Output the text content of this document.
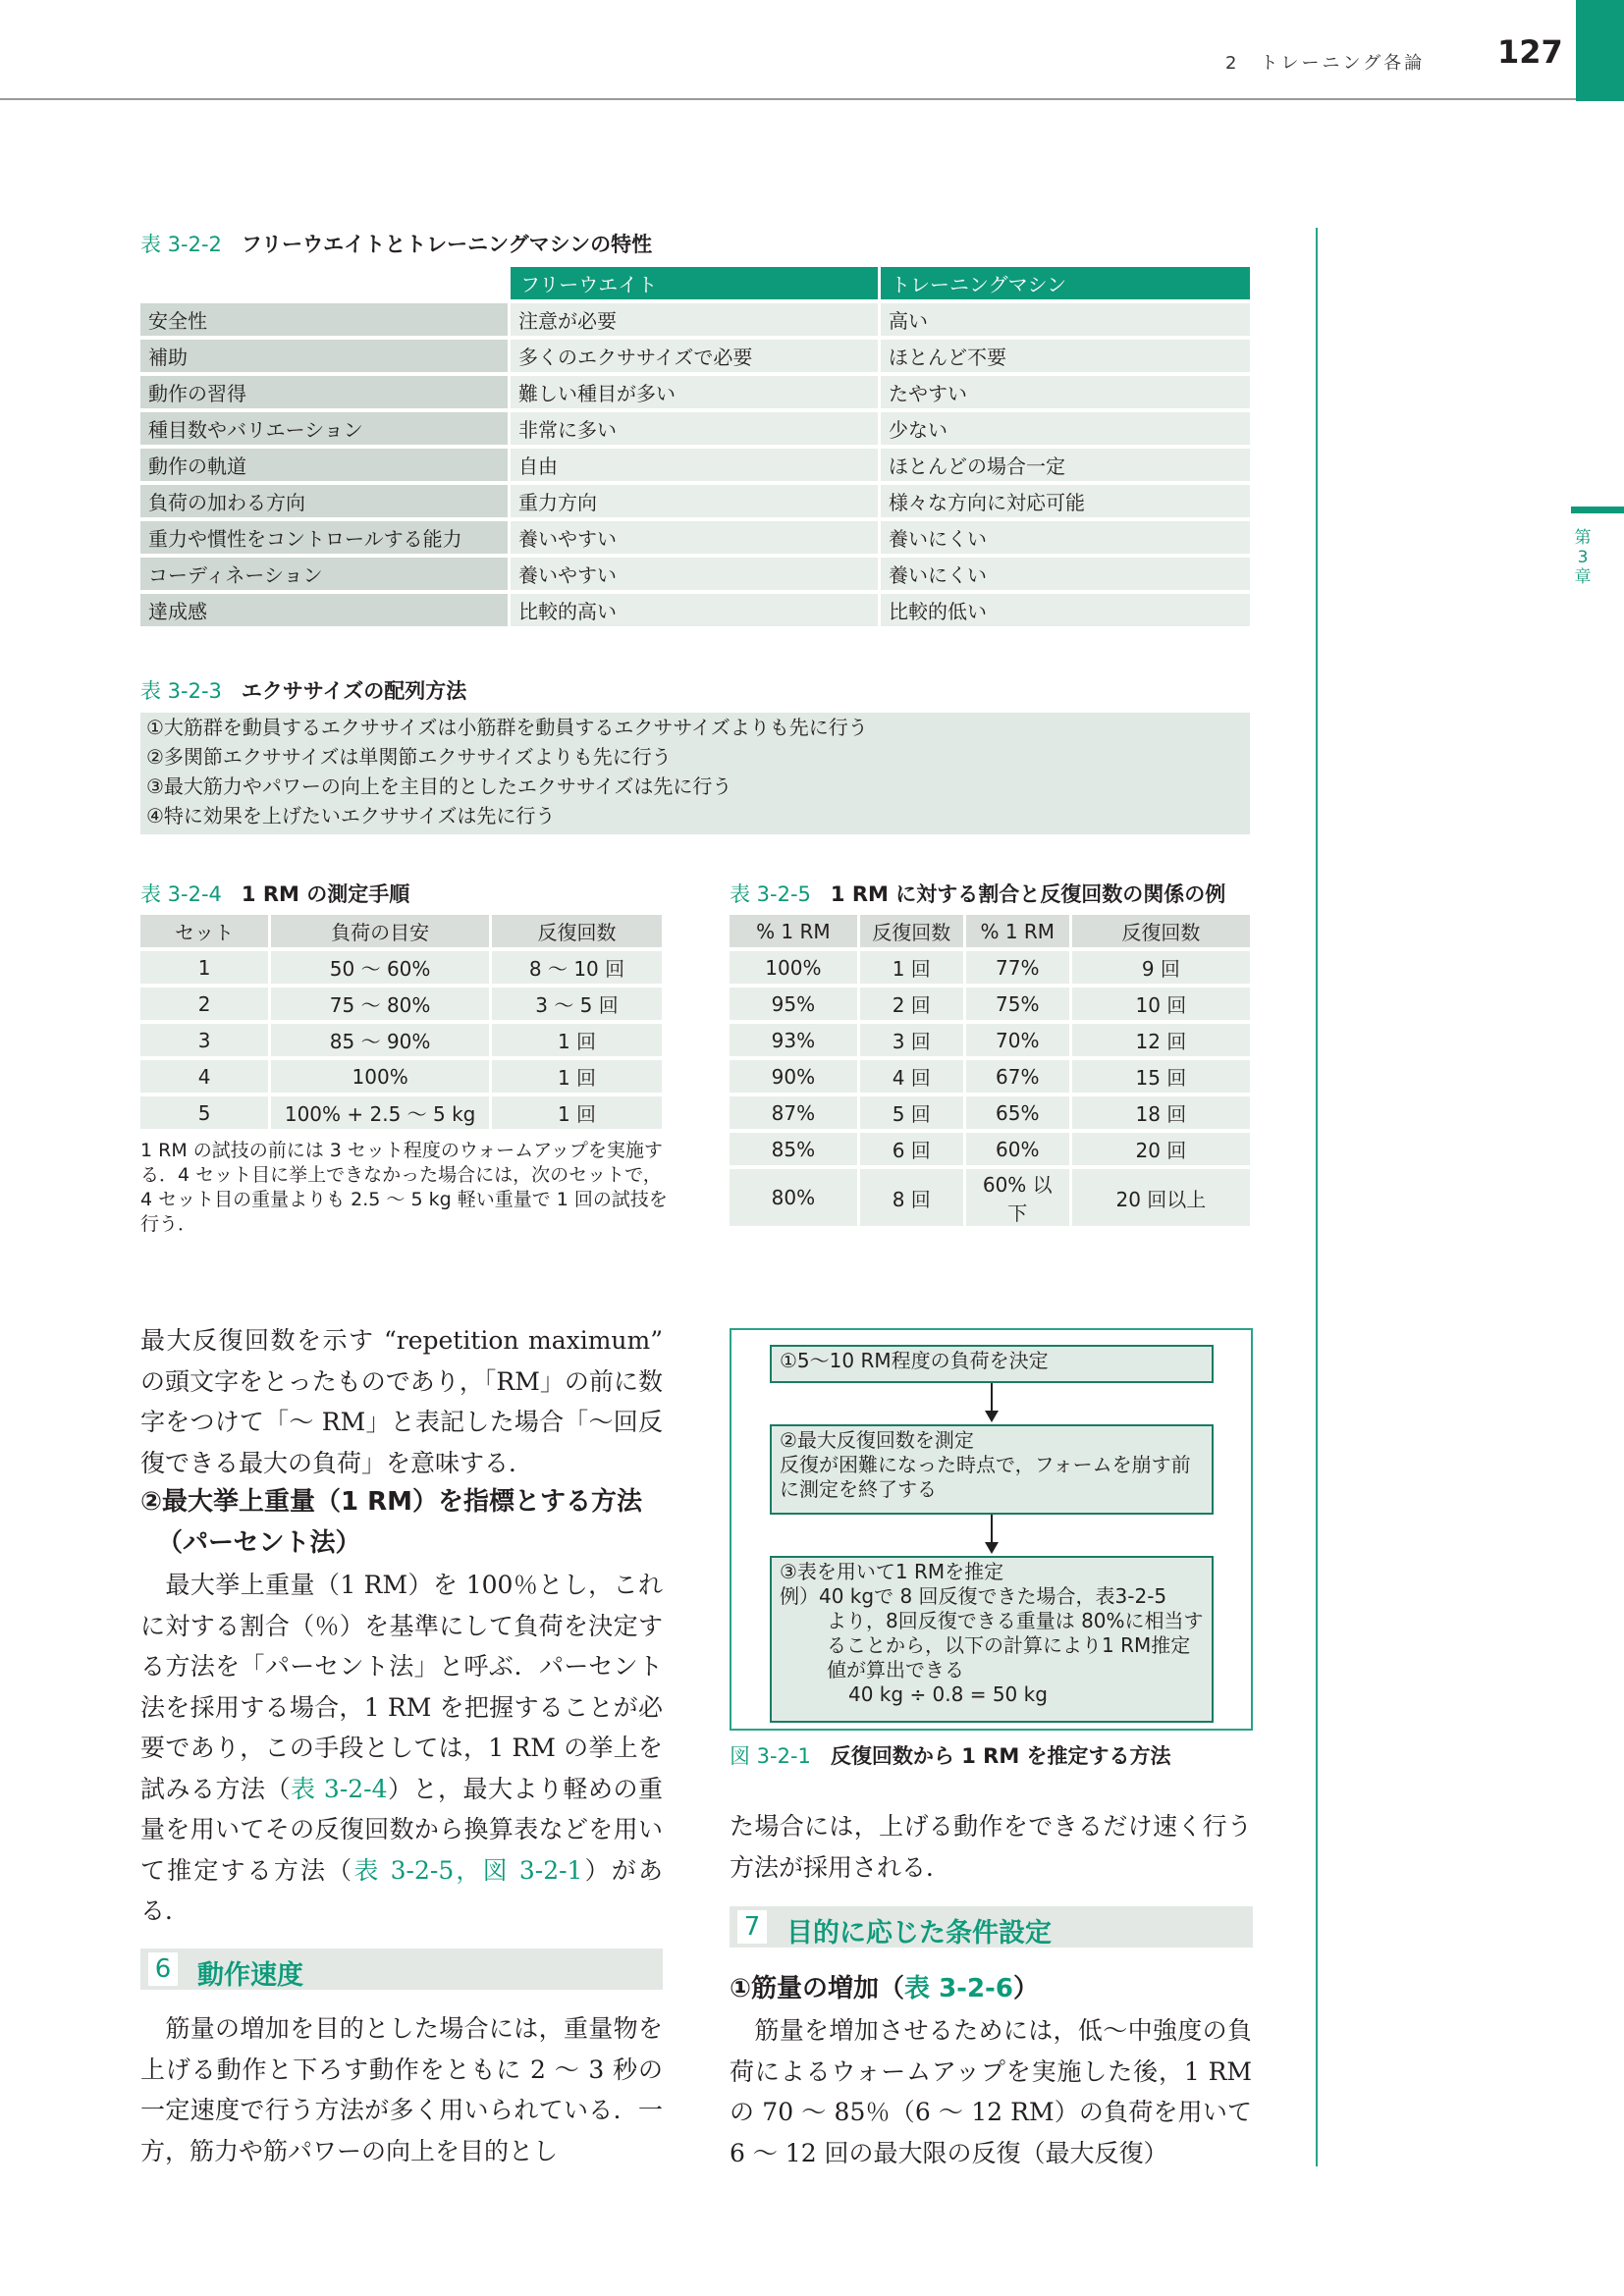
2　トレーニング各論 127
第
3
章
表 3-2-2 フリーウエイトとトレーニングマシンの特性
	フリーウエイト	トレーニングマシン
安全性	注意が必要	高い
補助	多くのエクササイズで必要	ほとんど不要
動作の習得	難しい種目が多い	たやすい
種目数やバリエーション	非常に多い	少ない
動作の軌道	自由	ほとんどの場合一定
負荷の加わる方向	重力方向	様々な方向に対応可能
重力や慣性をコントロールする能力	養いやすい	養いにくい
コーディネーション	養いやすい	養いにくい
達成感	比較的高い	比較的低い
表 3-2-3 エクササイズの配列方法
①大筋群を動員するエクササイズは小筋群を動員するエクササイズよりも先に行う
②多関節エクササイズは単関節エクササイズよりも先に行う
③最大筋力やパワーの向上を主目的としたエクササイズは先に行う
④特に効果を上げたいエクササイズは先に行う
表 3-2-4 1 RM の測定手順
セット	負荷の目安	反復回数
1	50 ～ 60%	8 ～ 10 回
2	75 ～ 80%	3 ～ 5 回
3	85 ～ 90%	1 回
4	100%	1 回
5	100% + 2.5 ～ 5 kg	1 回
1 RM の試技の前には 3 セット程度のウォームアップを実施する．4 セット目に挙上できなかった場合には，次のセットで，4 セット目の重量よりも 2.5 ～ 5 kg 軽い重量で 1 回の試技を行う．
表 3-2-5 1 RM に対する割合と反復回数の関係の例
% 1 RM	反復回数	% 1 RM	反復回数
100%	1 回	77%	9 回
95%	2 回	75%	10 回
93%	3 回	70%	12 回
90%	4 回	67%	15 回
87%	5 回	65%	18 回
85%	6 回	60%	20 回
80%	8 回	60% 以下	20 回以上
最大反復回数を示す “repetition maximum” の頭文字をとったものであり，「RM」の前に数字をつけて「～ RM」と表記した場合「～回反復できる最大の負荷」を意味する．
②最大挙上重量（1 RM）を指標とする方法
（パーセント法）
　最大挙上重量（1 RM）を 100％とし，これに対する割合（％）を基準にして負荷を決定する方法を「パーセント法」と呼ぶ．パーセント法を採用する場合，1 RM を把握することが必要であり，この手段としては，1 RM の挙上を試みる方法（表 3-2-4）と，最大より軽めの重量を用いてその反復回数から換算表などを用いて推定する方法（表 3-2-5，図 3-2-1）がある．
6 動作速度
　筋量の増加を目的とした場合には，重量物を上げる動作と下ろす動作をともに 2 ～ 3 秒の一定速度で行う方法が多く用いられている．一方，筋力や筋パワーの向上を目的とし
①5～10 RM程度の負荷を決定
②最大反復回数を測定
反復が困難になった時点で，フォームを崩す前に測定を終了する
③表を用いて1 RMを推定
例）40 kgで 8 回反復できた場合，表3-2-5
より，8回反復できる重量は 80%に相当することから，以下の計算により1 RM推定値が算出できる
40 kg ÷ 0.8 = 50 kg
図 3-2-1 反復回数から 1 RM を推定する方法
た場合には，上げる動作をできるだけ速く行う方法が採用される．
7 目的に応じた条件設定
①筋量の増加（表 3-2-6）
　筋量を増加させるためには，低～中強度の負荷によるウォームアップを実施した後，1 RM の 70 ～ 85％（6 ～ 12 RM）の負荷を用いて 6 ～ 12 回の最大限の反復（最大反復）
